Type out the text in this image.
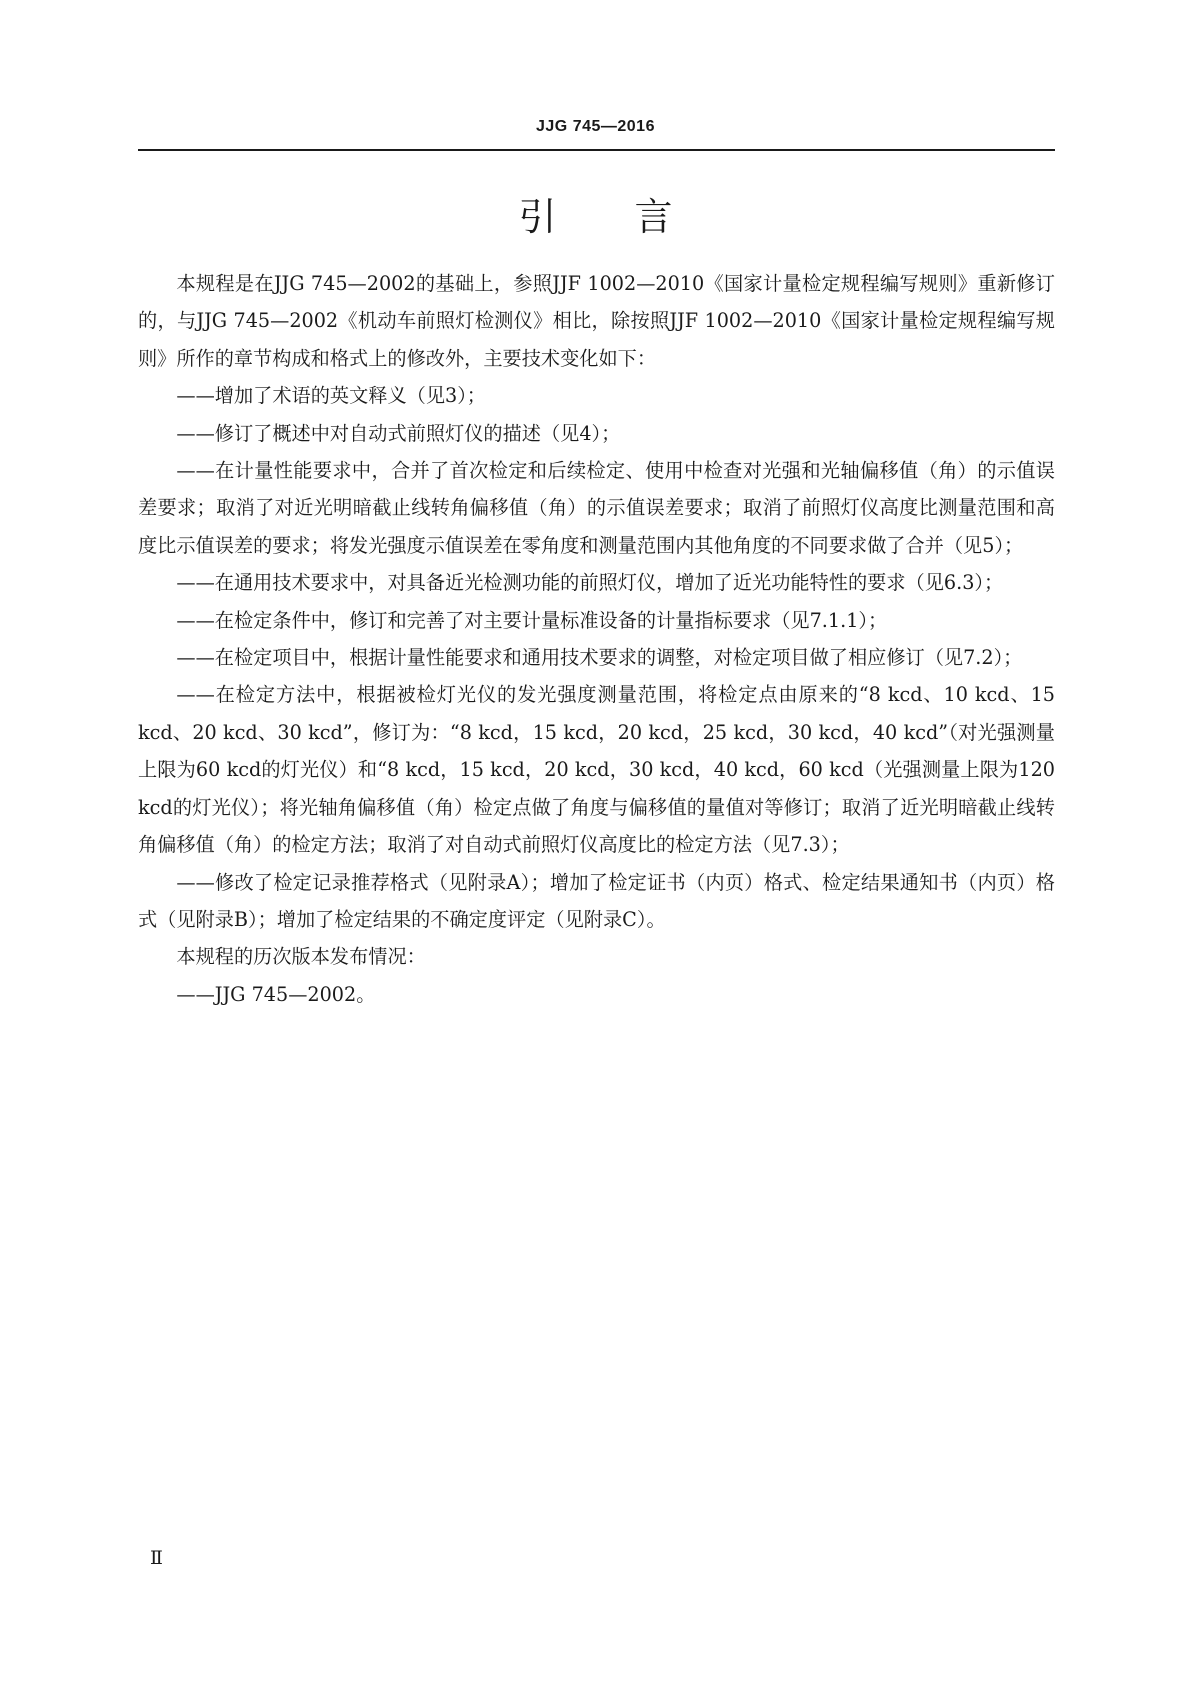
JJG 745—2016
引 言

本规程是在JJG 745—2002的基础上，参照JJF 1002—2010《国家计量检定规程编写规则》重新修订的，与JJG 745—2002《机动车前照灯检测仪》相比，除按照JJF 1002—2010《国家计量检定规程编写规则》所作的章节构成和格式上的修改外，主要技术变化如下：

——增加了术语的英文释义（见3）；

——修订了概述中对自动式前照灯仪的描述（见4）；

——在计量性能要求中，合并了首次检定和后续检定、使用中检查对光强和光轴偏移值（角）的示值误差要求；取消了对近光明暗截止线转角偏移值（角）的示值误差要求；取消了前照灯仪高度比测量范围和高度比示值误差的要求；将发光强度示值误差在零角度和测量范围内其他角度的不同要求做了合并（见5）；

——在通用技术要求中，对具备近光检测功能的前照灯仪，增加了近光功能特性的要求（见6.3）；

——在检定条件中，修订和完善了对主要计量标准设备的计量指标要求（见7.1.1）；

——在检定项目中，根据计量性能要求和通用技术要求的调整，对检定项目做了相应修订（见7.2）；

——在检定方法中，根据被检灯光仪的发光强度测量范围，将检定点由原来的“8 kcd、10 kcd、15 kcd、20 kcd、30 kcd”，修订为：“8 kcd，15 kcd，20 kcd，25 kcd，30 kcd，40 kcd”（对光强测量上限为60 kcd的灯光仪）和“8 kcd，15 kcd，20 kcd，30 kcd，40 kcd，60 kcd（光强测量上限为120 kcd的灯光仪）；将光轴角偏移值（角）检定点做了角度与偏移值的量值对等修订；取消了近光明暗截止线转角偏移值（角）的检定方法；取消了对自动式前照灯仪高度比的检定方法（见7.3）；

——修改了检定记录推荐格式（见附录A）；增加了检定证书（内页）格式、检定结果通知书（内页）格式（见附录B）；增加了检定结果的不确定度评定（见附录C）。

本规程的历次版本发布情况：

——JJG 745—2002。

Ⅱ
